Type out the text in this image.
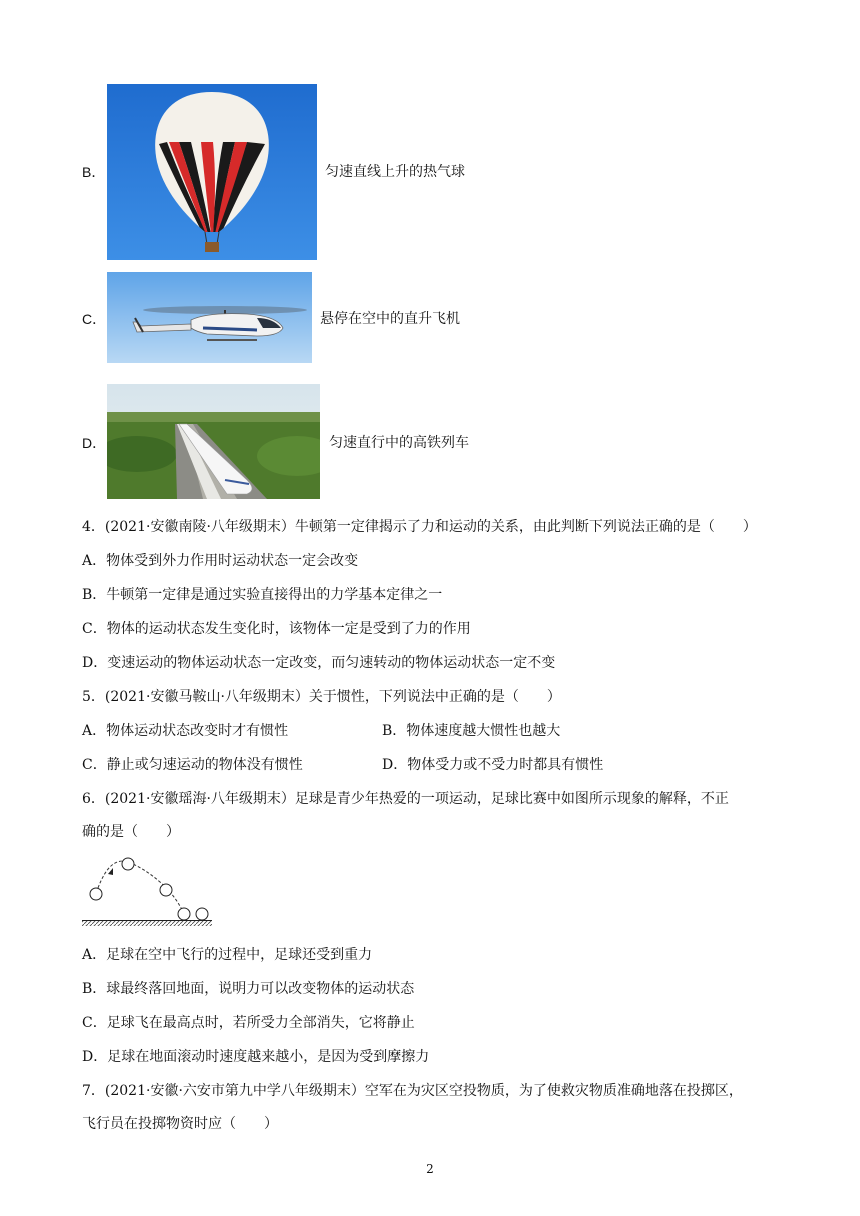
B．	匀速直线上升的热气球
C．	悬停在空中的直升飞机
D．	匀速直行中的高铁列车
4．(2021·安徽南陵·八年级期末）牛顿第一定律揭示了力和运动的关系，由此判断下列说法正确的是（　　）
A．物体受到外力作用时运动状态一定会改变
B．牛顿第一定律是通过实验直接得出的力学基本定律之一
C．物体的运动状态发生变化时，该物体一定是受到了力的作用
D．变速运动的物体运动状态一定改变，而匀速转动的物体运动状态一定不变
5．(2021·安徽马鞍山·八年级期末）关于惯性，下列说法中正确的是（　　）
A．物体运动状态改变时才有惯性	B．物体速度越大惯性也越大
C．静止或匀速运动的物体没有惯性	D．物体受力或不受力时都具有惯性
6．(2021·安徽瑶海·八年级期末）足球是青少年热爱的一项运动，足球比赛中如图所示现象的解释，不正
确的是（　　）
A．足球在空中飞行的过程中，足球还受到重力
B．球最终落回地面，说明力可以改变物体的运动状态
C．足球飞在最高点时，若所受力全部消失，它将静止
D．足球在地面滚动时速度越来越小，是因为受到摩擦力
7．(2021·安徽·六安市第九中学八年级期末）空军在为灾区空投物质，为了使救灾物质准确地落在投掷区，
飞行员在投掷物资时应（　　）
2
